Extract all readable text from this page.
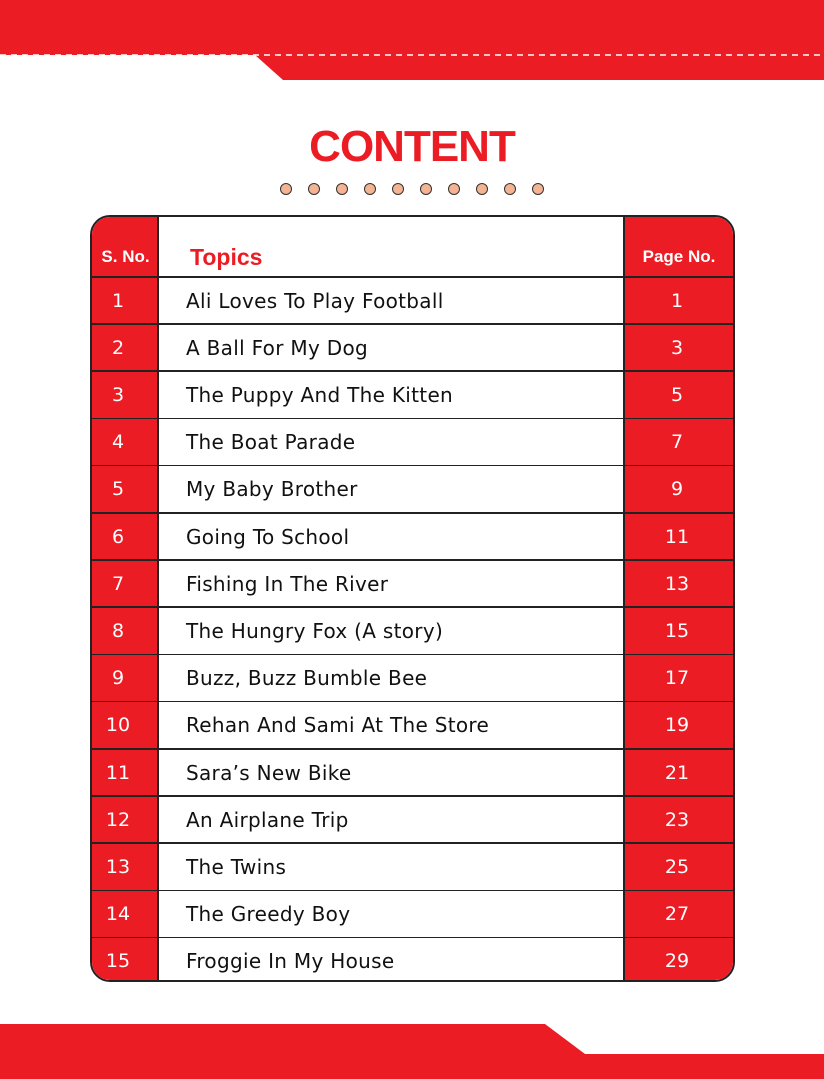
CONTENT
S. No.	Topics	Page No.
1	Ali Loves To Play Football	1
2	A Ball For My Dog	3
3	The Puppy And The Kitten	5
4	The Boat Parade	7
5	My Baby Brother	9
6	Going To School	11
7	Fishing In The River	13
8	The Hungry Fox (A story)	15
9	Buzz, Buzz Bumble Bee	17
10	Rehan And Sami At The Store	19
11	Sara’s New Bike	21
12	An Airplane Trip	23
13	The Twins	25
14	The Greedy Boy	27
15	Froggie In My House	29
